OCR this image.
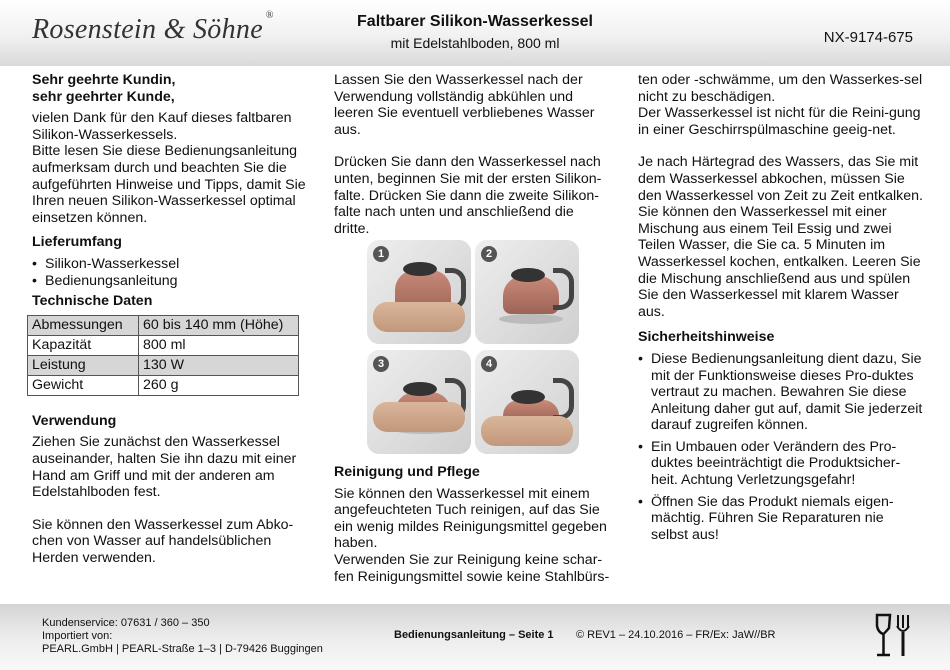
Rosenstein & Söhne ®	Faltbarer Silikon-Wasserkessel
mit Edelstahlboden, 800 ml	NX-9174-675

Sehr geehrte Kundin,

sehr geehrter Kunde,

vielen Dank für den Kauf dieses faltbaren Silikon-Wasserkessels.

Bitte lesen Sie diese Bedienungsanleitung aufmerksam durch und beachten Sie die aufgeführten Hinweise und Tipps, damit Sie Ihren neuen Silikon-Wasserkessel optimal einsetzen können.

Lieferumfang
• Silikon-Wasserkessel
• Bedienungsanleitung
Technische Daten
Abmessungen	60 bis 140 mm (Höhe)
Kapazität	800 ml
Leistung	130 W
Gewicht	260 g
Verwendung

Ziehen Sie zunächst den Wasserkessel auseinander, halten Sie ihn dazu mit einer Hand am Griff und mit der anderen am Edelstahlboden fest.

Sie können den Wasserkessel zum Abko-chen von Wasser auf handelsüblichen Herden verwenden.

Lassen Sie den Wasserkessel nach der Verwendung vollständig abkühlen und leeren Sie eventuell verbliebenes Wasser aus.

Drücken Sie dann den Wasserkessel nach unten, beginnen Sie mit der ersten Silikon-falte. Drücken Sie dann die zweite Silikon-falte nach unten und anschließend die dritte.

1	2
3	4
Reinigung und Pflege

Sie können den Wasserkessel mit einem angefeuchteten Tuch reinigen, auf das Sie ein wenig mildes Reinigungsmittel gegeben haben.

Verwenden Sie zur Reinigung keine schar-fen Reinigungsmittel sowie keine Stahlbürs-

ten oder -schwämme, um den Wasserkes-sel nicht zu beschädigen.

Der Wasserkessel ist nicht für die Reini-gung in einer Geschirrspülmaschine geeig-net.

Je nach Härtegrad des Wassers, das Sie mit dem Wasserkessel abkochen, müssen Sie den Wasserkessel von Zeit zu Zeit entkalken.

Sie können den Wasserkessel mit einer Mischung aus einem Teil Essig und zwei Teilen Wasser, die Sie ca. 5 Minuten im Wasserkessel kochen, entkalken. Leeren Sie die Mischung anschließend aus und spülen Sie den Wasserkessel mit klarem Wasser aus.

Sicherheitshinweise
• Diese Bedienungsanleitung dient dazu, Sie mit der Funktionsweise dieses Pro-duktes vertraut zu machen. Bewahren Sie diese Anleitung daher gut auf, damit Sie jederzeit darauf zugreifen können.
• Ein Umbauen oder Verändern des Pro-duktes beeinträchtigt die Produktsicher-heit. Achtung Verletzungsgefahr!
• Öffnen Sie das Produkt niemals eigen-mächtig. Führen Sie Reparaturen nie selbst aus!
Kundenservice: 07631 / 360 – 350
Importiert von:
PEARL.GmbH | PEARL-Straße 1–3 | D-79426 Buggingen
Bedienungsanleitung – Seite 1 © REV1 – 24.10.2016 – FR/Ex: JaW//BR
